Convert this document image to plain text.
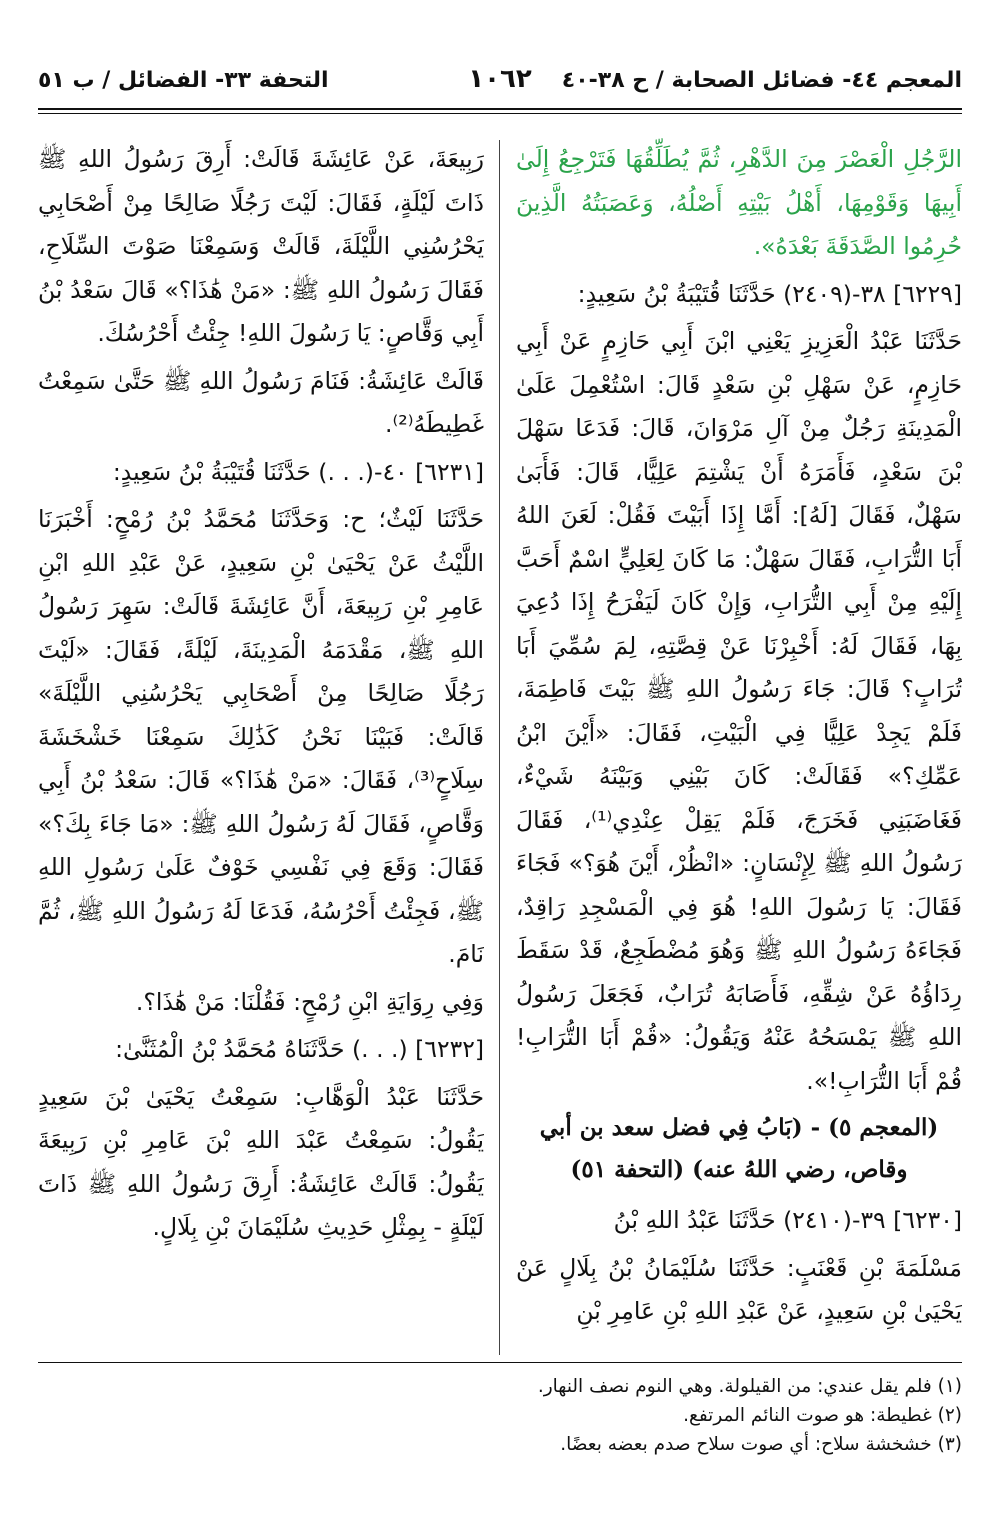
المعجم ٤٤- فضائل الصحابة / ح ٣٨-٤٠
١٠٦٢
التحفة ٣٣- الفضائل / ب ٥١

الرَّجُلِ الْعَصْرَ مِنَ الدَّهْرِ، ثُمَّ يُطَلِّقُهَا فَتَرْجِعُ إِلَىٰ أَبِيهَا وَقَوْمِهَا، أَهْلُ بَيْتِهِ أَصْلُهُ، وَعَصَبَتُهُ الَّذِينَ حُرِمُوا الصَّدَقَةَ بَعْدَهُ».

[٦٢٢٩] ٣٨-(٢٤٠٩) حَدَّثَنَا قُتَيْبَةُ بْنُ سَعِيدٍ:

حَدَّثَنَا عَبْدُ الْعَزِيزِ يَعْنِي ابْنَ أَبِي حَازِمٍ عَنْ أَبِي حَازِمٍ، عَنْ سَهْلِ بْنِ سَعْدٍ قَالَ: اسْتُعْمِلَ عَلَىٰ الْمَدِينَةِ رَجُلٌ مِنْ آلِ مَرْوَانَ، قَالَ: فَدَعَا سَهْلَ بْنَ سَعْدٍ، فَأَمَرَهُ أَنْ يَشْتِمَ عَلِيًّا، قَالَ: فَأَبَىٰ سَهْلٌ، فَقَالَ [لَهُ]: أَمَّا إِذَا أَبَيْتَ فَقُلْ: لَعَنَ اللهُ أَبَا التُّرَابِ، فَقَالَ سَهْلٌ: مَا كَانَ لِعَلِيٍّ اسْمٌ أَحَبَّ إِلَيْهِ مِنْ أَبِي التُّرَابِ، وَإِنْ كَانَ لَيَفْرَحُ إِذَا دُعِيَ بِهَا، فَقَالَ لَهُ: أَخْبِرْنَا عَنْ قِصَّتِهِ، لِمَ سُمِّيَ أَبَا تُرَابٍ؟ قَالَ: جَاءَ رَسُولُ اللهِ ﷺ بَيْتَ فَاطِمَةَ، فَلَمْ يَجِدْ عَلِيًّا فِي الْبَيْتِ، فَقَالَ: «أَيْنَ ابْنُ عَمِّكِ؟» فَقَالَتْ: كَانَ بَيْنِي وَبَيْنَهُ شَيْءٌ، فَغَاضَبَنِي فَخَرَجَ، فَلَمْ يَقِلْ عِنْدِي⁽¹⁾، فَقَالَ رَسُولُ اللهِ ﷺ لِإِنْسَانٍ: «انْظُرْ، أَيْنَ هُوَ؟» فَجَاءَ فَقَالَ: يَا رَسُولَ اللهِ! هُوَ فِي الْمَسْجِدِ رَاقِدٌ، فَجَاءَهُ رَسُولُ اللهِ ﷺ وَهُوَ مُضْطَجِعٌ، قَدْ سَقَطَ رِدَاؤُهُ عَنْ شِقِّهِ، فَأَصَابَهُ تُرَابٌ، فَجَعَلَ رَسُولُ اللهِ ﷺ يَمْسَحُهُ عَنْهُ وَيَقُولُ: «قُمْ أَبَا التُّرَابِ! قُمْ أَبَا التُّرَابِ!».

(المعجم ٥) - (بَابُ فِي فضل سعد بن أبي وقاص، رضي اللهُ عنه) (التحفة ٥١)

[٦٢٣٠] ٣٩-(٢٤١٠) حَدَّثَنَا عَبْدُ اللهِ بْنُ

مَسْلَمَةَ بْنِ قَعْنَبٍ: حَدَّثَنَا سُلَيْمَانُ بْنُ بِلَالٍ عَنْ يَحْيَىٰ بْنِ سَعِيدٍ، عَنْ عَبْدِ اللهِ بْنِ عَامِرِ بْنِ

رَبِيعَةَ، عَنْ عَائِشَةَ قَالَتْ: أَرِقَ رَسُولُ اللهِ ﷺ ذَاتَ لَيْلَةٍ، فَقَالَ: لَيْتَ رَجُلًا صَالِحًا مِنْ أَصْحَابِي يَحْرُسُنِي اللَّيْلَةَ، قَالَتْ وَسَمِعْنَا صَوْتَ السِّلَاحِ، فَقَالَ رَسُولُ اللهِ ﷺ: «مَنْ هَٰذَا؟» قَالَ سَعْدُ بْنُ أَبِي وَقَّاصٍ: يَا رَسُولَ اللهِ! جِئْتُ أَحْرُسُكَ.

قَالَتْ عَائِشَةُ: فَنَامَ رَسُولُ اللهِ ﷺ حَتَّىٰ سَمِعْتُ غَطِيطَهُ⁽²⁾.

[٦٢٣١] ٤٠-(. . .) حَدَّثَنَا قُتَيْبَةُ بْنُ سَعِيدٍ:

حَدَّثَنَا لَيْثٌ؛ ح: وَحَدَّثَنَا مُحَمَّدُ بْنُ رُمْحٍ: أَخْبَرَنَا اللَّيْثُ عَنْ يَحْيَىٰ بْنِ سَعِيدٍ، عَنْ عَبْدِ اللهِ ابْنِ عَامِرِ بْنِ رَبِيعَةَ، أَنَّ عَائِشَةَ قَالَتْ: سَهِرَ رَسُولُ اللهِ ﷺ، مَقْدَمَهُ الْمَدِينَةَ، لَيْلَةً، فَقَالَ: «لَيْتَ رَجُلًا صَالِحًا مِنْ أَصْحَابِي يَحْرُسُنِي اللَّيْلَةَ» قَالَتْ: فَبَيْنَا نَحْنُ كَذَٰلِكَ سَمِعْنَا خَشْخَشَةَ سِلَاحٍ⁽³⁾، فَقَالَ: «مَنْ هَٰذَا؟» قَالَ: سَعْدُ بْنُ أَبِي وَقَّاصٍ، فَقَالَ لَهُ رَسُولُ اللهِ ﷺ: «مَا جَاءَ بِكَ؟» فَقَالَ: وَقَعَ فِي نَفْسِي خَوْفٌ عَلَىٰ رَسُولِ اللهِ ﷺ، فَجِئْتُ أَحْرُسُهُ، فَدَعَا لَهُ رَسُولُ اللهِ ﷺ، ثُمَّ نَامَ.

وَفِي رِوَايَةِ ابْنِ رُمْحٍ: فَقُلْنَا: مَنْ هَٰذَا؟.

[٦٢٣٢] (. . .) حَدَّثَنَاهُ مُحَمَّدُ بْنُ الْمُثَنَّىٰ:

حَدَّثَنَا عَبْدُ الْوَهَّابِ: سَمِعْتُ يَحْيَىٰ بْنَ سَعِيدٍ يَقُولُ: سَمِعْتُ عَبْدَ اللهِ بْنَ عَامِرِ بْنِ رَبِيعَةَ يَقُولُ: قَالَتْ عَائِشَةُ: أَرِقَ رَسُولُ اللهِ ﷺ ذَاتَ لَيْلَةٍ - بِمِثْلِ حَدِيثِ سُلَيْمَانَ بْنِ بِلَالٍ.

(١) فلم يقل عندي: من القيلولة. وهي النوم نصف النهار.
(٢) غطيطة: هو صوت النائم المرتفع.
(٣) خشخشة سلاح: أي صوت سلاح صدم بعضه بعضًا.
